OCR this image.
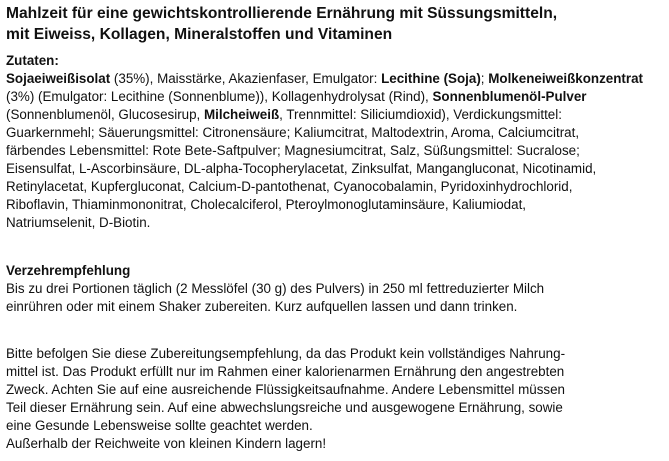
Mahlzeit für eine gewichtskontrollierende Ernährung mit Süssungsmitteln,
mit Eiweiss, Kollagen, Mineralstoffen und Vitaminen
Zutaten:
Sojaeiweißisolat (35%), Maisstärke, Akazienfaser, Emulgator: Lecithine (Soja); Molkeneiweißkonzentrat
(3%) (Emulgator: Lecithine (Sonnenblume)), Kollagenhydrolysat (Rind), Sonnenblumenöl-Pulver
(Sonnenblumenöl, Glucosesirup, Milcheiweiß, Trennmittel: Siliciumdioxid), Verdickungsmittel:
Guarkernmehl; Säuerungsmittel: Citronensäure; Kaliumcitrat, Maltodextrin, Aroma, Calciumcitrat,
färbendes Lebensmittel: Rote Bete-Saftpulver; Magnesiumcitrat, Salz, Süßungsmittel: Sucralose;
Eisensulfat, L-Ascorbinsäure, DL-alpha-Tocopherylacetat, Zinksulfat, Mangangluconat, Nicotinamid,
Retinylacetat, Kupfergluconat, Calcium-D-pantothenat, Cyanocobalamin, Pyridoxinhydrochlorid,
Riboflavin, Thiaminmononitrat, Cholecalciferol, Pteroylmonoglutaminsäure, Kaliumiodat,
Natriumselenit, D-Biotin.
Verzehrempfehlung
Bis zu drei Portionen täglich (2 Messlöfel (30 g) des Pulvers) in 250 ml fettreduzierter Milch
einrühren oder mit einem Shaker zubereiten. Kurz aufquellen lassen und dann trinken.
Bitte befolgen Sie diese Zubereitungsempfehlung, da das Produkt kein vollständiges Nahrung-
mittel ist. Das Produkt erfüllt nur im Rahmen einer kalorienarmen Ernährung den angestrebten
Zweck. Achten Sie auf eine ausreichende Flüssigkeitsaufnahme. Andere Lebensmittel müssen
Teil dieser Ernährung sein. Auf eine abwechslungsreiche und ausgewogene Ernährung, sowie
eine Gesunde Lebensweise sollte geachtet werden.
Außerhalb der Reichweite von kleinen Kindern lagern!
